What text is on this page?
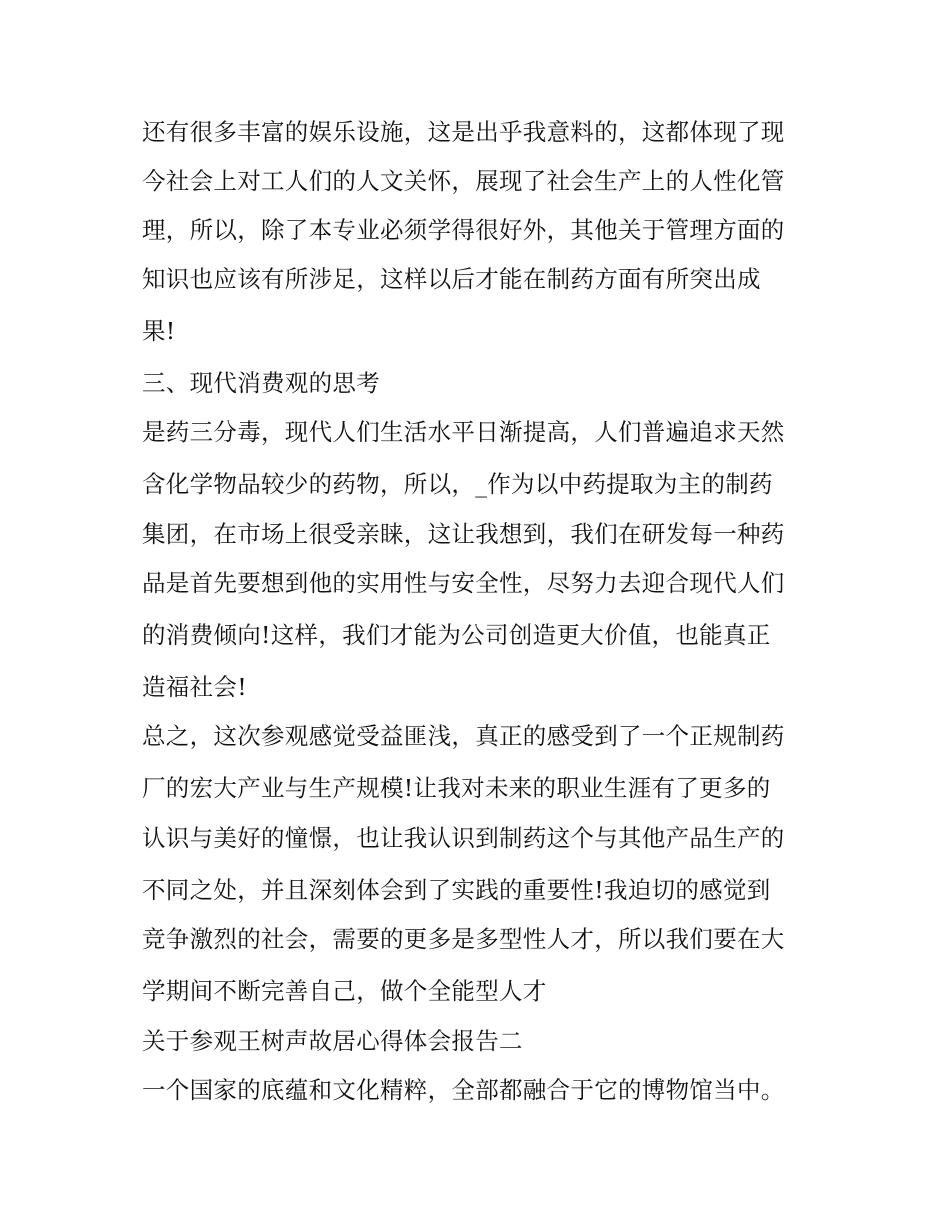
还有很多丰富的娱乐设施，这是出乎我意料的，这都体现了现
今社会上对工人们的人文关怀，展现了社会生产上的人性化管
理，所以，除了本专业必须学得很好外，其他关于管理方面的
知识也应该有所涉足，这样以后才能在制药方面有所突出成
果!
三、现代消费观的思考
是药三分毒，现代人们生活水平日渐提高，人们普遍追求天然
含化学物品较少的药物，所以，_作为以中药提取为主的制药
集团，在市场上很受亲睐，这让我想到，我们在研发每一种药
品是首先要想到他的实用性与安全性，尽努力去迎合现代人们
的消费倾向!这样，我们才能为公司创造更大价值，也能真正
造福社会!
总之，这次参观感觉受益匪浅，真正的感受到了一个正规制药
厂的宏大产业与生产规模!让我对未来的职业生涯有了更多的
认识与美好的憧憬，也让我认识到制药这个与其他产品生产的
不同之处，并且深刻体会到了实践的重要性!我迫切的感觉到
竞争激烈的社会，需要的更多是多型性人才，所以我们要在大
学期间不断完善自己，做个全能型人才
关于参观王树声故居心得体会报告二
一个国家的底蕴和文化精粹，全部都融合于它的博物馆当中。
